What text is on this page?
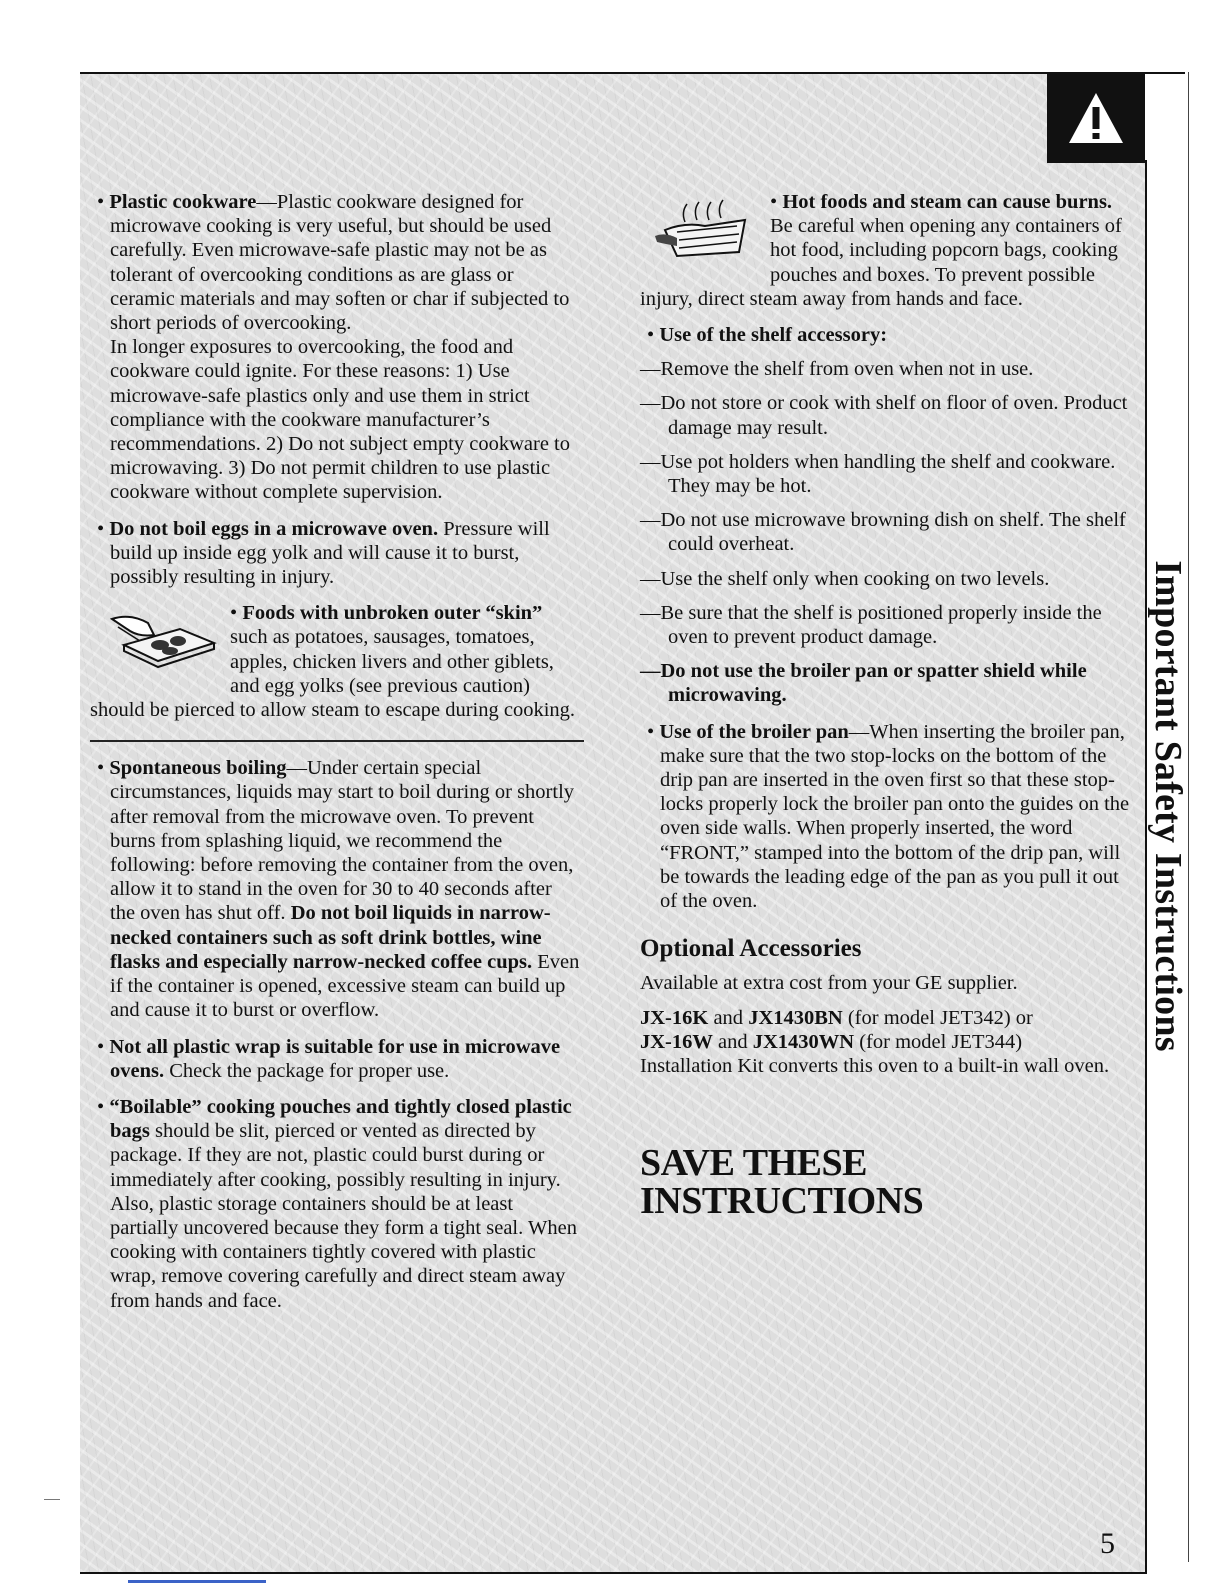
Important Safety Instructions

• Plastic cookware—Plastic cookware designed for microwave cooking is very useful, but should be used carefully. Even microwave-safe plastic may not be as tolerant of overcooking conditions as are glass or ceramic materials and may soften or char if subjected to short periods of overcooking.

In longer exposures to overcooking, the food and cookware could ignite. For these reasons: 1) Use microwave-safe plastics only and use them in strict compliance with the cookware manufacturer’s recommendations. 2) Do not subject empty cookware to microwaving. 3) Do not permit children to use plastic cookware without complete supervision.

• Do not boil eggs in a microwave oven. Pressure will build up inside egg yolk and will cause it to burst, possibly resulting in injury.

• Foods with unbroken outer “skin” such as potatoes, sausages, tomatoes, apples, chicken livers and other giblets, and egg yolks (see previous caution) should be pierced to allow steam to escape during cooking.

• Spontaneous boiling—Under certain special circumstances, liquids may start to boil during or shortly after removal from the microwave oven. To prevent burns from splashing liquid, we recommend the following: before removing the container from the oven, allow it to stand in the oven for 30 to 40 seconds after the oven has shut off. Do not boil liquids in narrow-necked containers such as soft drink bottles, wine flasks and especially narrow-necked coffee cups. Even if the container is opened, excessive steam can build up and cause it to burst or overflow.

• Not all plastic wrap is suitable for use in microwave ovens. Check the package for proper use.

• “Boilable” cooking pouches and tightly closed plastic bags should be slit, pierced or vented as directed by package. If they are not, plastic could burst during or immediately after cooking, possibly resulting in injury. Also, plastic storage containers should be at least partially uncovered because they form a tight seal. When cooking with containers tightly covered with plastic wrap, remove covering carefully and direct steam away from hands and face.

• Hot foods and steam can cause burns. Be careful when opening any containers of hot food, including popcorn bags, cooking pouches and boxes. To prevent possible injury, direct steam away from hands and face.

• Use of the shelf accessory:

—Remove the shelf from oven when not in use.

—Do not store or cook with shelf on floor of oven. Product damage may result.

—Use pot holders when handling the shelf and cookware. They may be hot.

—Do not use microwave browning dish on shelf. The shelf could overheat.

—Use the shelf only when cooking on two levels.

—Be sure that the shelf is positioned properly inside the oven to prevent product damage.

—Do not use the broiler pan or spatter shield while microwaving.

• Use of the broiler pan—When inserting the broiler pan, make sure that the two stop-locks on the bottom of the drip pan are inserted in the oven first so that these stop-locks properly lock the broiler pan onto the guides on the oven side walls. When properly inserted, the word “FRONT,” stamped into the bottom of the drip pan, will be towards the leading edge of the pan as you pull it out of the oven.

Optional Accessories

Available at extra cost from your GE supplier.

JX-16K and JX1430BN (for model JET342) or
JX-16W and JX1430WN (for model JET344)
Installation Kit converts this oven to a built-in wall oven.

SAVE THESE
INSTRUCTIONS

5
